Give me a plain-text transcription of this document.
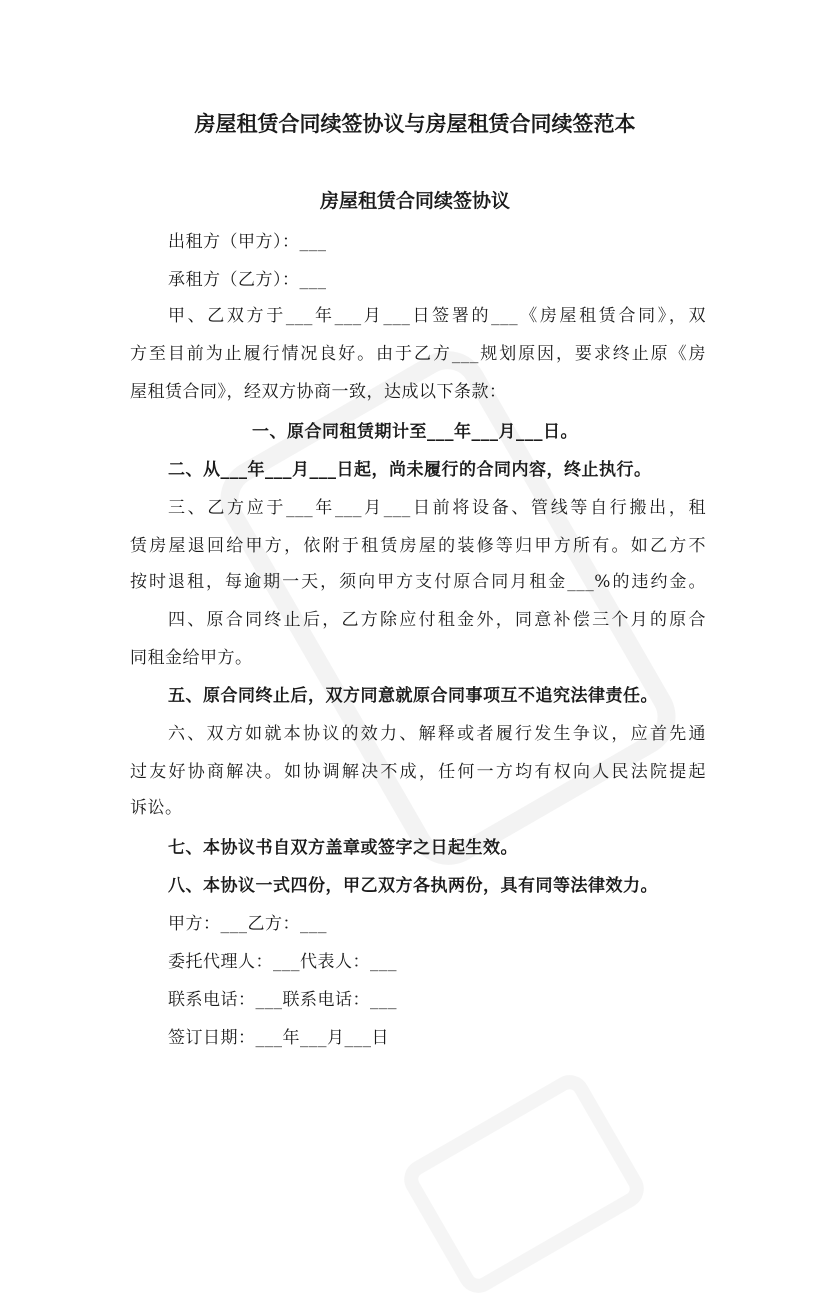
房屋租赁合同续签协议与房屋租赁合同续签范本
房屋租赁合同续签协议
出租方（甲方）：___
承租方（乙方）：___
甲、乙双方于___年___月___日签署的___《房屋租赁合同》，双
方至目前为止履行情况良好。由于乙方___规划原因，要求终止原《房
屋租赁合同》，经双方协商一致，达成以下条款：
一、原合同租赁期计至___年___月___日。
二、从___年___月___日起，尚未履行的合同内容，终止执行。
三、乙方应于___年___月___日前将设备、管线等自行搬出，租
赁房屋退回给甲方，依附于租赁房屋的装修等归甲方所有。如乙方不
按时退租，每逾期一天，须向甲方支付原合同月租金___%的违约金。
四、原合同终止后，乙方除应付租金外，同意补偿三个月的原合
同租金给甲方。
五、原合同终止后，双方同意就原合同事项互不追究法律责任。
六、双方如就本协议的效力、解释或者履行发生争议，应首先通
过友好协商解决。如协调解决不成，任何一方均有权向人民法院提起
诉讼。
七、本协议书自双方盖章或签字之日起生效。
八、本协议一式四份，甲乙双方各执两份，具有同等法律效力。
甲方：___乙方：___
委托代理人：___代表人：___
联系电话：___联系电话：___
签订日期：___年___月___日
